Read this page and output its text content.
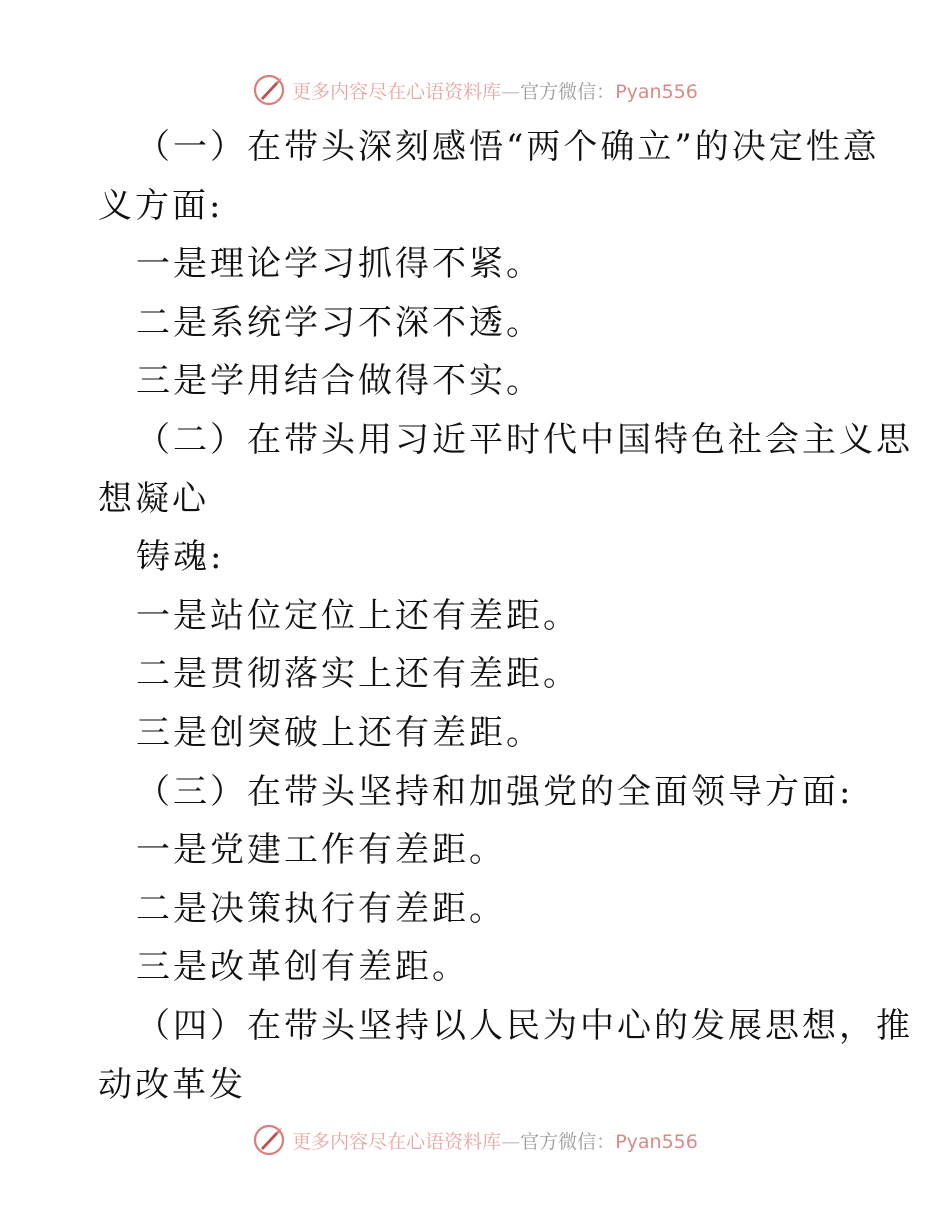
更多内容尽在心语资料库—官方微信：Pyan556
（一）在带头深刻感悟“两个确立”的决定性意
义方面:
一是理论学习抓得不紧。
二是系统学习不深不透。
三是学用结合做得不实。
（二）在带头用习近平时代中国特色社会主义思
想凝心
铸魂:
一是站位定位上还有差距。
二是贯彻落实上还有差距。
三是创突破上还有差距。
（三）在带头坚持和加强党的全面领导方面:
一是党建工作有差距。
二是决策执行有差距。
三是改革创有差距。
（四）在带头坚持以人民为中心的发展思想，推
动改革发
更多内容尽在心语资料库—官方微信：Pyan556
